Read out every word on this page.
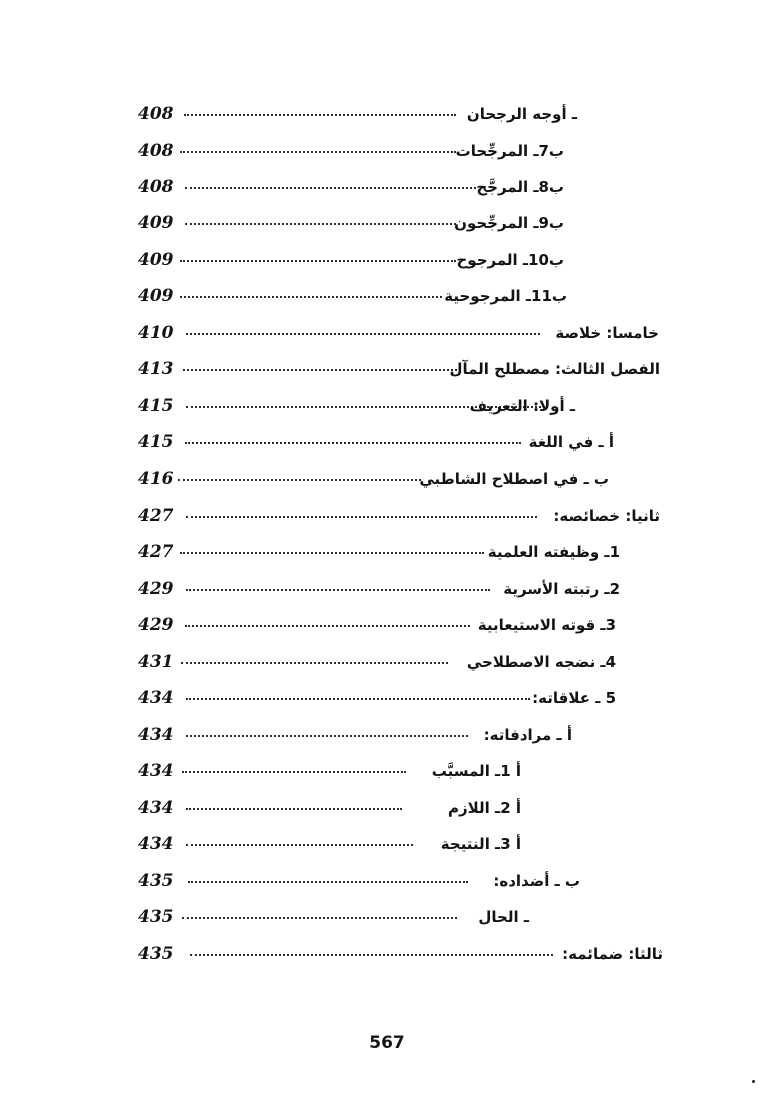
408	ـ أوجه الرجحان
408	ب7ـ المرجِّحات
408	ب8ـ المرجَّح
409	ب9ـ المرجِّحون
409	ب10ـ المرجوح
409	ب11ـ المرجوحية
410	خامسا: خلاصة
413	الفصل الثالث: مصطلح المآل
415	ـ أولا: التعريف
415	أ ـ في اللغة
416	ب ـ في اصطلاح الشاطبي
427	ثانيا: خصائصه:
427	1ـ وظيفته العلمية
429	2ـ رتبته الأسرية
429	3ـ قوته الاستيعابية
431	4ـ نضجه الاصطلاحي
434	5 ـ علاقاته:
434	أ ـ مرادفاته:
434	أ 1ـ المسبَّب
434	أ 2ـ اللازم
434	أ 3ـ النتيجة
435	ب ـ أضداده:
435	ـ الحال
435	ثالثا: ضمائمه:
567
